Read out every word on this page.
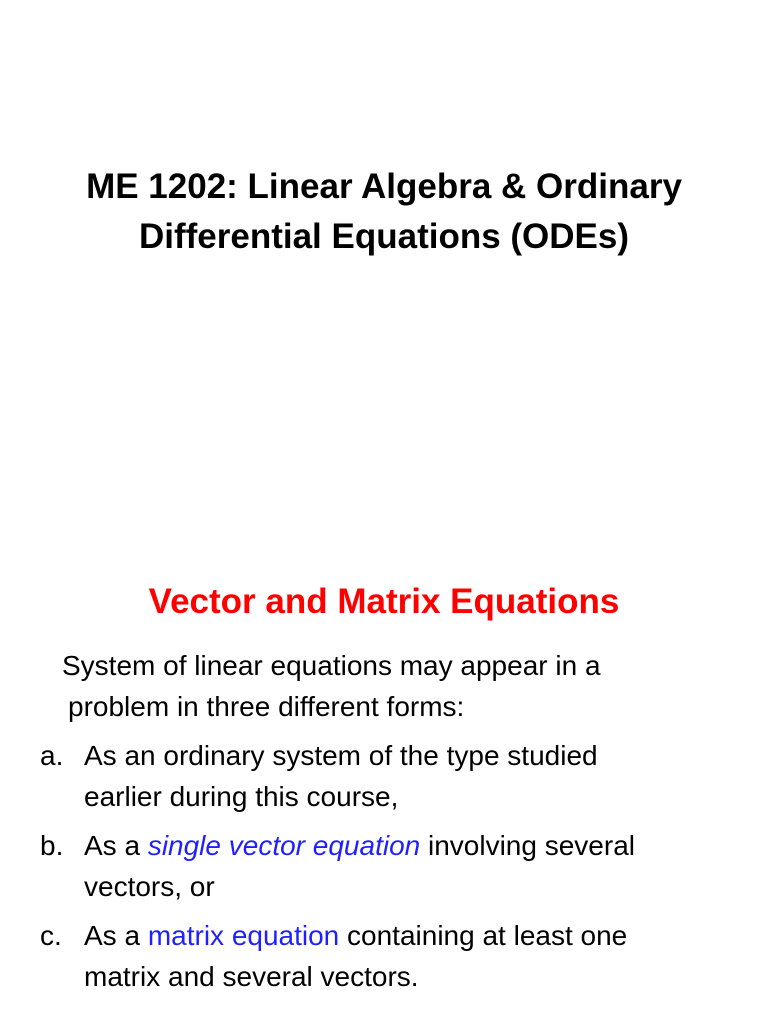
ME 1202: Linear Algebra & Ordinary
Differential Equations (ODEs)
Vector and Matrix Equations

System of linear equations may appear in a
problem in three different forms:

a. As an ordinary system of the type studied
earlier during this course,
b. As a single vector equation involving several
vectors, or
c. As a matrix equation containing at least one
matrix and several vectors.
